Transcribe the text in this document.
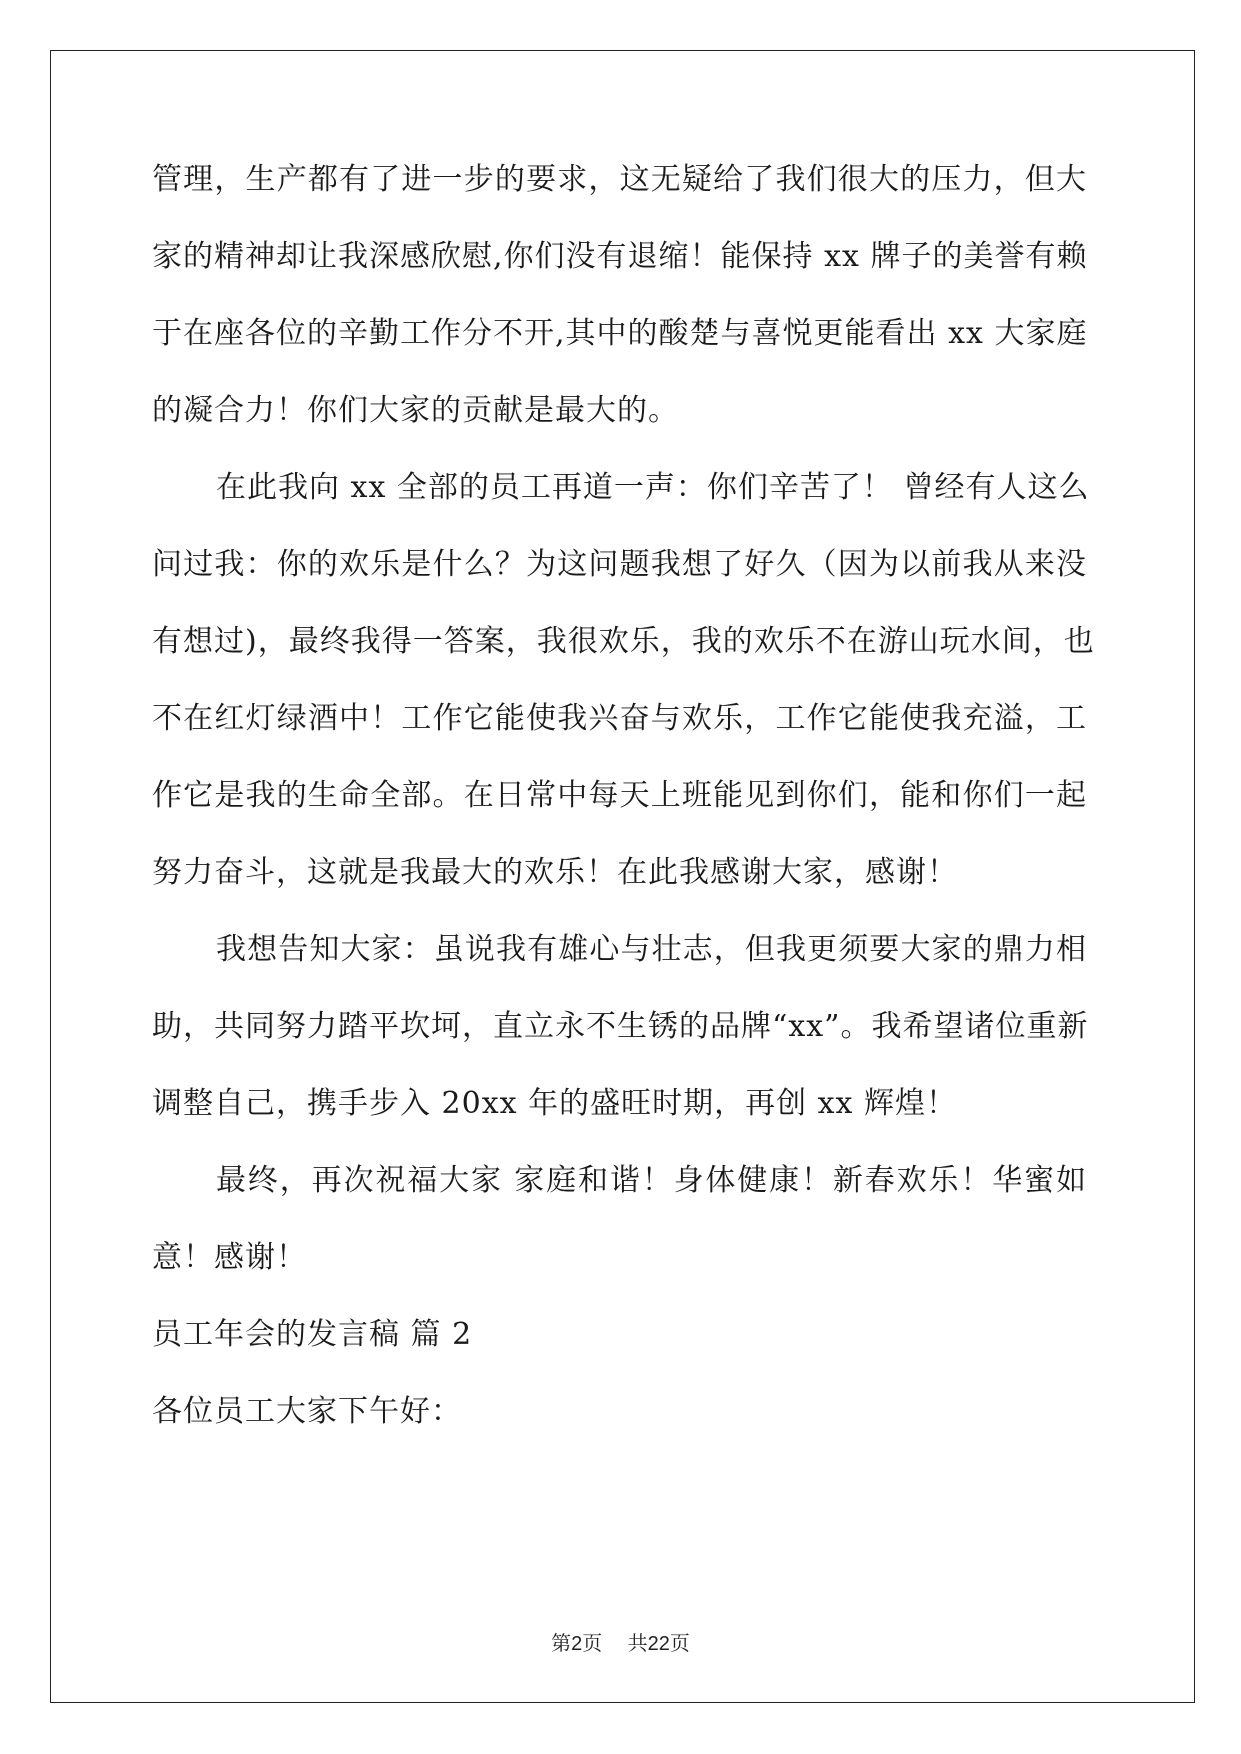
管理，生产都有了进一步的要求，这无疑给了我们很大的压力，但大
家的精神却让我深感欣慰,你们没有退缩！能保持 xx 牌子的美誉有赖
于在座各位的辛勤工作分不开,其中的酸楚与喜悦更能看出 xx 大家庭
的凝合力！你们大家的贡献是最大的。
在此我向 xx 全部的员工再道一声：你们辛苦了！ 曾经有人这么
问过我：你的欢乐是什么？为这问题我想了好久（因为以前我从来没
有想过)，最终我得一答案，我很欢乐，我的欢乐不在游山玩水间，也
不在红灯绿酒中！工作它能使我兴奋与欢乐，工作它能使我充溢，工
作它是我的生命全部。在日常中每天上班能见到你们，能和你们一起
努力奋斗，这就是我最大的欢乐！在此我感谢大家，感谢！
我想告知大家：虽说我有雄心与壮志，但我更须要大家的鼎力相
助，共同努力踏平坎坷，直立永不生锈的品牌“xx”。我希望诸位重新
调整自己，携手步入 20xx 年的盛旺时期，再创 xx 辉煌！
最终，再次祝福大家 家庭和谐！身体健康！新春欢乐！华蜜如
意！感谢！
员工年会的发言稿 篇 2
各位员工大家下午好：
第2页 共22页
